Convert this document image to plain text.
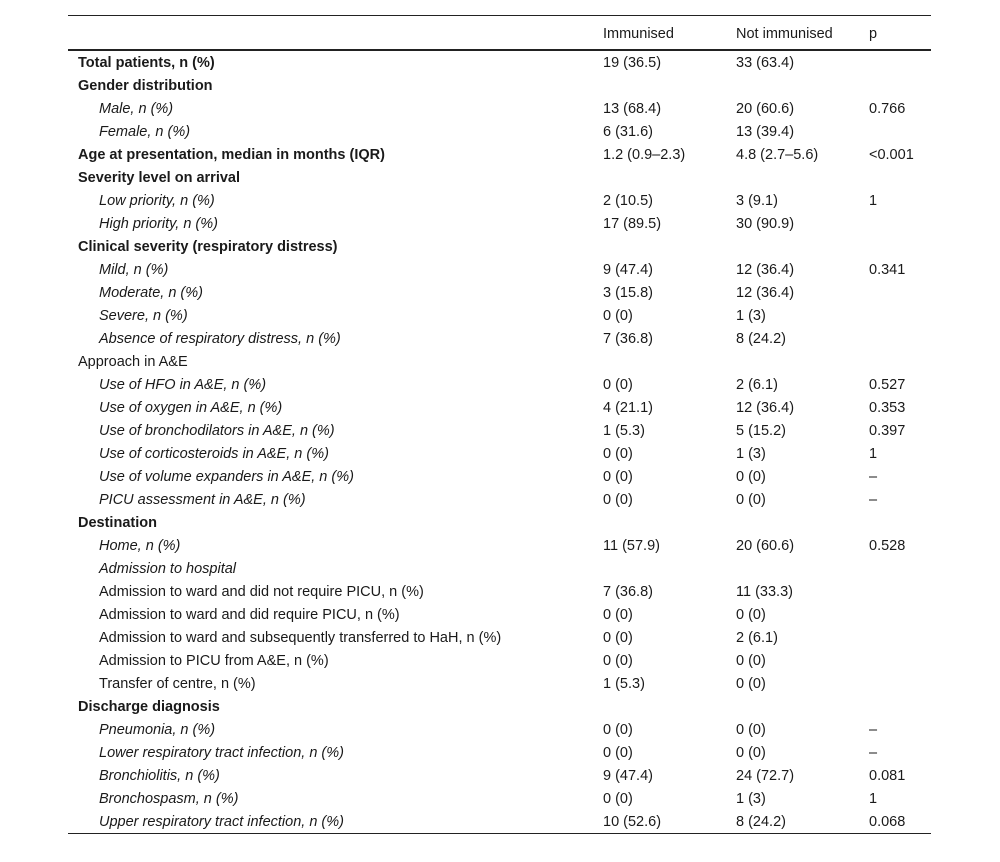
	Immunised	Not immunised	p
Total patients, n (%)	19 (36.5)	33 (63.4)	
Gender distribution			
Male, n (%)	13 (68.4)	20 (60.6)	0.766
Female, n (%)	6 (31.6)	13 (39.4)	
Age at presentation, median in months (IQR)	1.2 (0.9–2.3)	4.8 (2.7–5.6)	<0.001
Severity level on arrival			
Low priority, n (%)	2 (10.5)	3 (9.1)	1
High priority, n (%)	17 (89.5)	30 (90.9)	
Clinical severity (respiratory distress)			
Mild, n (%)	9 (47.4)	12 (36.4)	0.341
Moderate, n (%)	3 (15.8)	12 (36.4)	
Severe, n (%)	0 (0)	1 (3)	
Absence of respiratory distress, n (%)	7 (36.8)	8 (24.2)	
Approach in A&E			
Use of HFO in A&E, n (%)	0 (0)	2 (6.1)	0.527
Use of oxygen in A&E, n (%)	4 (21.1)	12 (36.4)	0.353
Use of bronchodilators in A&E, n (%)	1 (5.3)	5 (15.2)	0.397
Use of corticosteroids in A&E, n (%)	0 (0)	1 (3)	1
Use of volume expanders in A&E, n (%)	0 (0)	0 (0)	–
PICU assessment in A&E, n (%)	0 (0)	0 (0)	–
Destination			
Home, n (%)	11 (57.9)	20 (60.6)	0.528
Admission to hospital			
Admission to ward and did not require PICU, n (%)	7 (36.8)	11 (33.3)	
Admission to ward and did require PICU, n (%)	0 (0)	0 (0)	
Admission to ward and subsequently transferred to HaH, n (%)	0 (0)	2 (6.1)	
Admission to PICU from A&E, n (%)	0 (0)	0 (0)	
Transfer of centre, n (%)	1 (5.3)	0 (0)	
Discharge diagnosis			
Pneumonia, n (%)	0 (0)	0 (0)	–
Lower respiratory tract infection, n (%)	0 (0)	0 (0)	–
Bronchiolitis, n (%)	9 (47.4)	24 (72.7)	0.081
Bronchospasm, n (%)	0 (0)	1 (3)	1
Upper respiratory tract infection, n (%)	10 (52.6)	8 (24.2)	0.068
